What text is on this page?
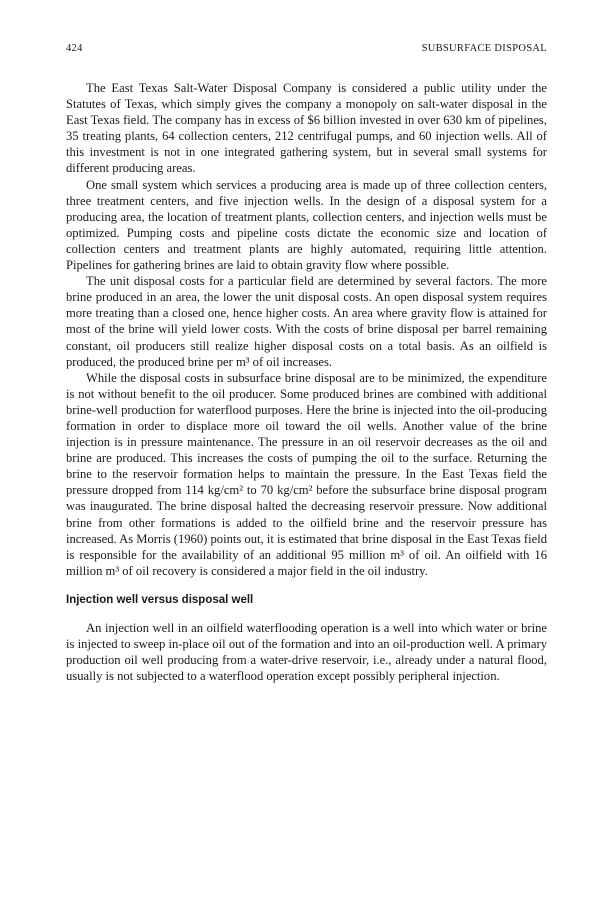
424	SUBSURFACE DISPOSAL

The East Texas Salt-Water Disposal Company is considered a public utility under the Statutes of Texas, which simply gives the company a monopoly on salt-water disposal in the East Texas field. The company has in excess of $6 billion invested in over 630 km of pipelines, 35 treating plants, 64 collection centers, 212 centrifugal pumps, and 60 injection wells. All of this investment is not in one integrated gathering system, but in several small systems for different producing areas.

One small system which services a producing area is made up of three collection centers, three treatment centers, and five injection wells. In the design of a disposal system for a producing area, the location of treatment plants, collection centers, and injection wells must be optimized. Pumping costs and pipeline costs dictate the economic size and location of collection centers and treatment plants are highly automated, requiring little attention. Pipelines for gathering brines are laid to obtain gravity flow where possible.

The unit disposal costs for a particular field are determined by several factors. The more brine produced in an area, the lower the unit disposal costs. An open disposal system requires more treating than a closed one, hence higher costs. An area where gravity flow is attained for most of the brine will yield lower costs. With the costs of brine disposal per barrel remaining constant, oil producers still realize higher disposal costs on a total basis. As an oilfield is produced, the produced brine per m³ of oil increases.

While the disposal costs in subsurface brine disposal are to be minimized, the expenditure is not without benefit to the oil producer. Some produced brines are combined with additional brine-well production for waterflood purposes. Here the brine is injected into the oil-producing formation in order to displace more oil toward the oil wells. Another value of the brine injection is in pressure maintenance. The pressure in an oil reservoir decreases as the oil and brine are produced. This increases the costs of pumping the oil to the surface. Returning the brine to the reservoir formation helps to maintain the pressure. In the East Texas field the pressure dropped from 114 kg/cm² to 70 kg/cm² before the subsurface brine disposal program was inaugurated. The brine disposal halted the decreasing reservoir pressure. Now additional brine from other formations is added to the oilfield brine and the reservoir pressure has increased. As Morris (1960) points out, it is estimated that brine disposal in the East Texas field is responsible for the availability of an additional 95 million m³ of oil. An oilfield with 16 million m³ of oil recovery is considered a major field in the oil industry.

Injection well versus disposal well

An injection well in an oilfield waterflooding operation is a well into which water or brine is injected to sweep in-place oil out of the formation and into an oil-production well. A primary production oil well producing from a water-drive reservoir, i.e., already under a natural flood, usually is not subjected to a waterflood operation except possibly peripheral injection.
